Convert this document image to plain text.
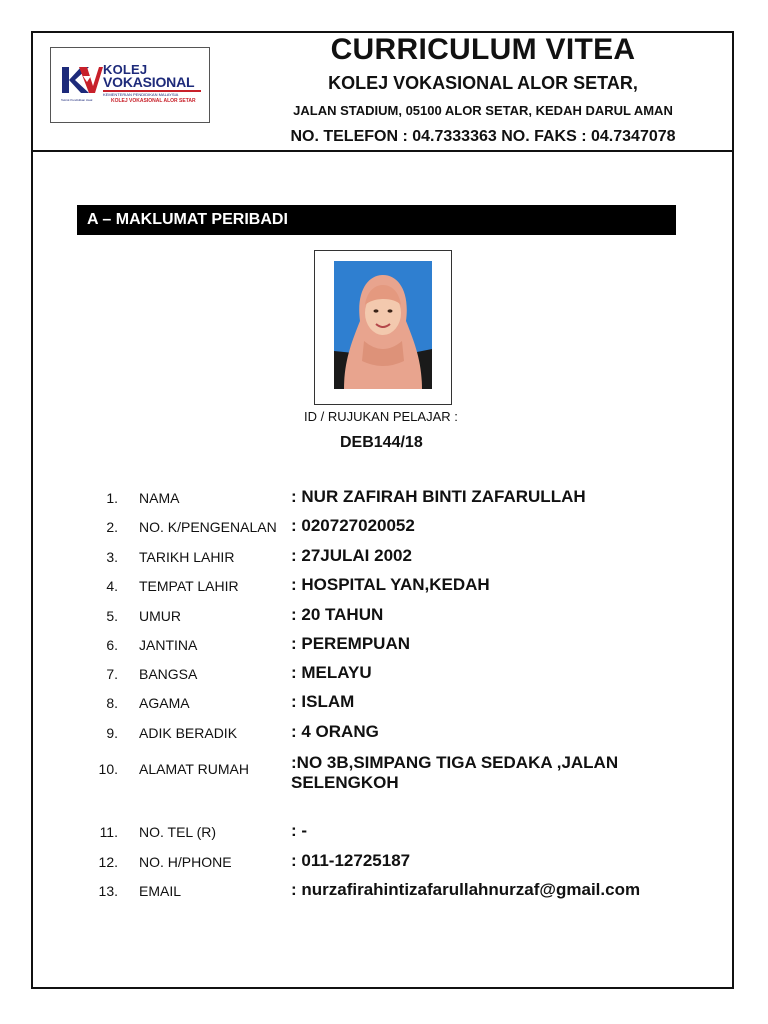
KOLEJ
VOKASIONAL
KEMENTERIAN PENDIDIKAN MALAYSIA
KOLEJ VOKASIONAL ALOR SETAR
Teknik Pendidikan Awal
CURRICULUM VITEA
KOLEJ VOKASIONAL ALOR SETAR,
JALAN STADIUM, 05100 ALOR SETAR, KEDAH DARUL AMAN
NO. TELEFON : 04.7333363 NO. FAKS : 04.7347078
A – MAKLUMAT PERIBADI
ID / RUJUKAN PELAJAR :
DEB144/18
1. NAMA	: NUR ZAFIRAH BINTI ZAFARULLAH
2. NO. K/PENGENALAN : 020727020052
3. TARIKH LAHIR	: 27JULAI 2002
4. TEMPAT LAHIR	: HOSPITAL YAN,KEDAH
5. UMUR	: 20 TAHUN
6. JANTINA	: PEREMPUAN
7. BANGSA	: MELAYU
8. AGAMA	: ISLAM
9. ADIK BERADIK	: 4 ORANG
10. ALAMAT RUMAH :NO 3B,SIMPANG TIGA SEDAKA ,JALAN SELENGKOH
11. NO. TEL (R)	: -
12. NO. H/PHONE	: 011-12725187
13. EMAIL	: nurzafirahintizafarullahnurzaf@gmail.com
